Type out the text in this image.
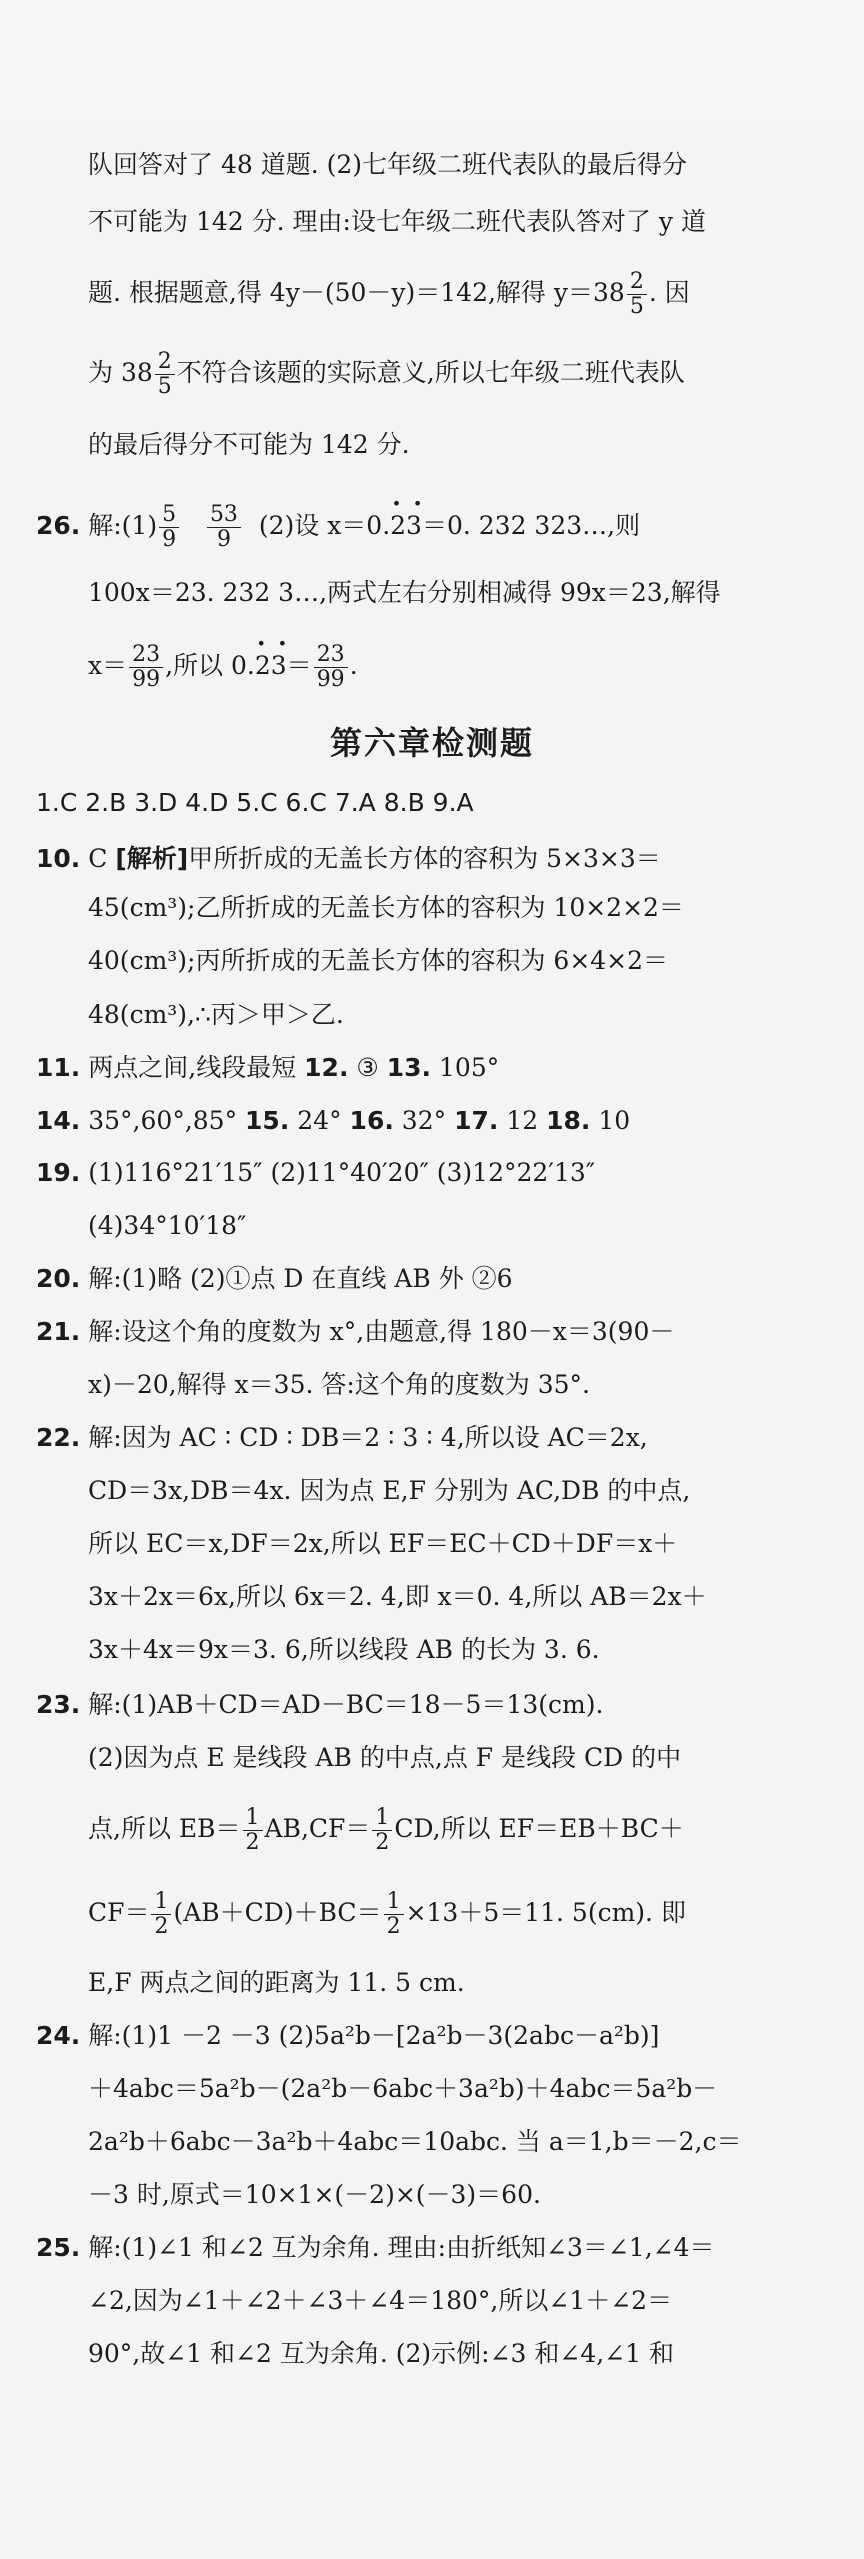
队回答对了 48 道题. (2)七年级二班代表队的最后得分
不可能为 142 分. 理由:设七年级二班代表队答对了 y 道
题. 根据题意,得 4y－(50－y)＝142,解得 $y=38 \frac{2}{5}$ . 因
为 $38 \frac{2}{5}$ 不符合该题的实际意义,所以七年级二班代表队
的最后得分不可能为 142 分.
26. 解:(1) $\frac{5}{9}$
$\frac{53}{9} (2)$设 x＝0.· 23 ·＝0. 232 323…,则
100x＝23. 232 3…,两式左右分别相减得 99x＝23,解得
$x= \frac{23}{99}$ ,所以 $0.\cdot 23 \cdot= \frac{23}{99}$ .
第六章检测题
1.C 2.B 3.D 4.D 5.C 6.C 7.A 8.B 9.A
10. C [解析]甲所折成的无盖长方体的容积为 5×3×3＝
45(cm³);乙所折成的无盖长方体的容积为 10×2×2＝
40(cm³);丙所折成的无盖长方体的容积为 6×4×2＝
48(cm³),∴丙＞甲＞乙.
11. 两点之间,线段最短 12. ③ 13. 105°
14. 35°,60°,85° 15. 24° 16. 32° 17. 12 18. 10
19. (1)116°21′15″ (2)11°40′20″ (3)12°22′13″
(4)34°10′18″
20. 解:(1)略 (2)①点 D 在直线 AB 外 ②6
21. 解:设这个角的度数为 x°,由题意,得 180－x＝3(90－
x)－20,解得 x＝35. 答:这个角的度数为 35°.
22. 解:因为 AC ∶ CD ∶ DB＝2 ∶ 3 ∶ 4,所以设 AC＝2x,
CD＝3x,DB＝4x. 因为点 E,F 分别为 AC,DB 的中点,
所以 EC＝x,DF＝2x,所以 EF＝EC＋CD＋DF＝x＋
3x＋2x＝6x,所以 6x＝2. 4,即 x＝0. 4,所以 AB＝2x＋
3x＋4x＝9x＝3. 6,所以线段 AB 的长为 3. 6.
23. 解:(1)AB＋CD＝AD－BC＝18－5＝13(cm).
(2)因为点 E 是线段 AB 的中点,点 F 是线段 CD 的中
点,所以 $EB= \frac{1}{2} AB,CF= \frac{1}{2}$ CD,所以 EF＝EB＋BC＋
$CF= \frac{1}{2} (AB+CD)+BC= \frac{1}{2} \times 13+5=11$. 5(cm). 即
E,F 两点之间的距离为 11. 5 cm.
24. 解:(1)1 －2 －3 (2)5a²b－[2a²b－3(2abc－a²b)]
＋4abc＝5a²b－(2a²b－6abc＋3a²b)＋4abc＝5a²b－
2a²b＋6abc－3a²b＋4abc＝10abc. 当 a＝1,b＝－2,c＝
－3 时,原式＝10×1×(－2)×(－3)＝60.
25. 解:(1)∠1 和∠2 互为余角. 理由:由折纸知∠3＝∠1,∠4＝
∠2,因为∠1＋∠2＋∠3＋∠4＝180°,所以∠1＋∠2＝
90°,故∠1 和∠2 互为余角. (2)示例:∠3 和∠4,∠1 和
